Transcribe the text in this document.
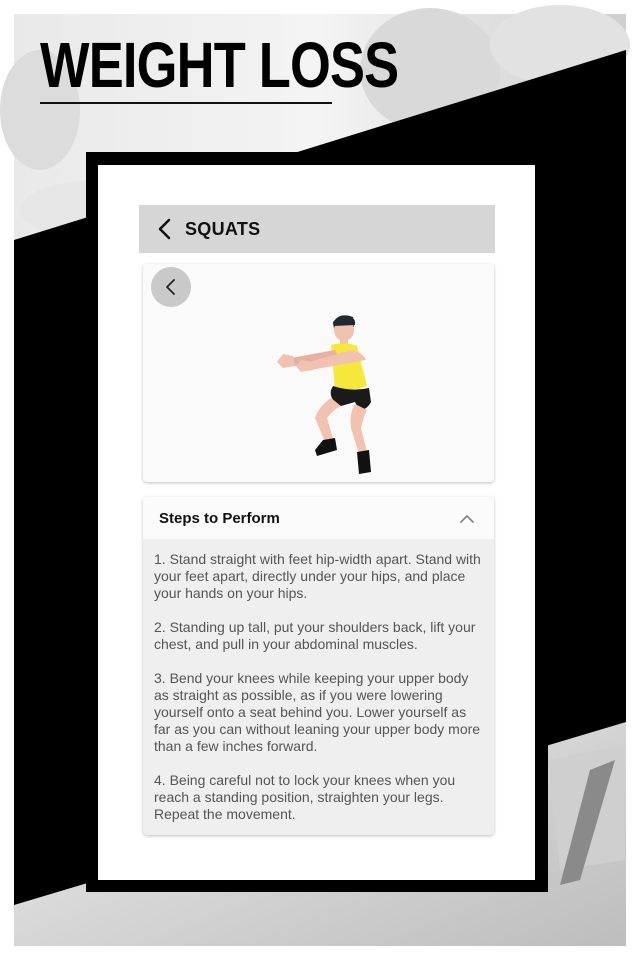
WEIGHT LOSS
SQUATS
Steps to Perform

1. Stand straight with feet hip-width apart. Stand with your feet apart, directly under your hips, and place your hands on your hips.

2. Standing up tall, put your shoulders back, lift your chest, and pull in your abdominal muscles.

3. Bend your knees while keeping your upper body as straight as possible, as if you were lowering yourself onto a seat behind you. Lower yourself as far as you can without leaning your upper body more than a few inches forward.

4. Being careful not to lock your knees when you reach a standing position, straighten your legs. Repeat the movement.
